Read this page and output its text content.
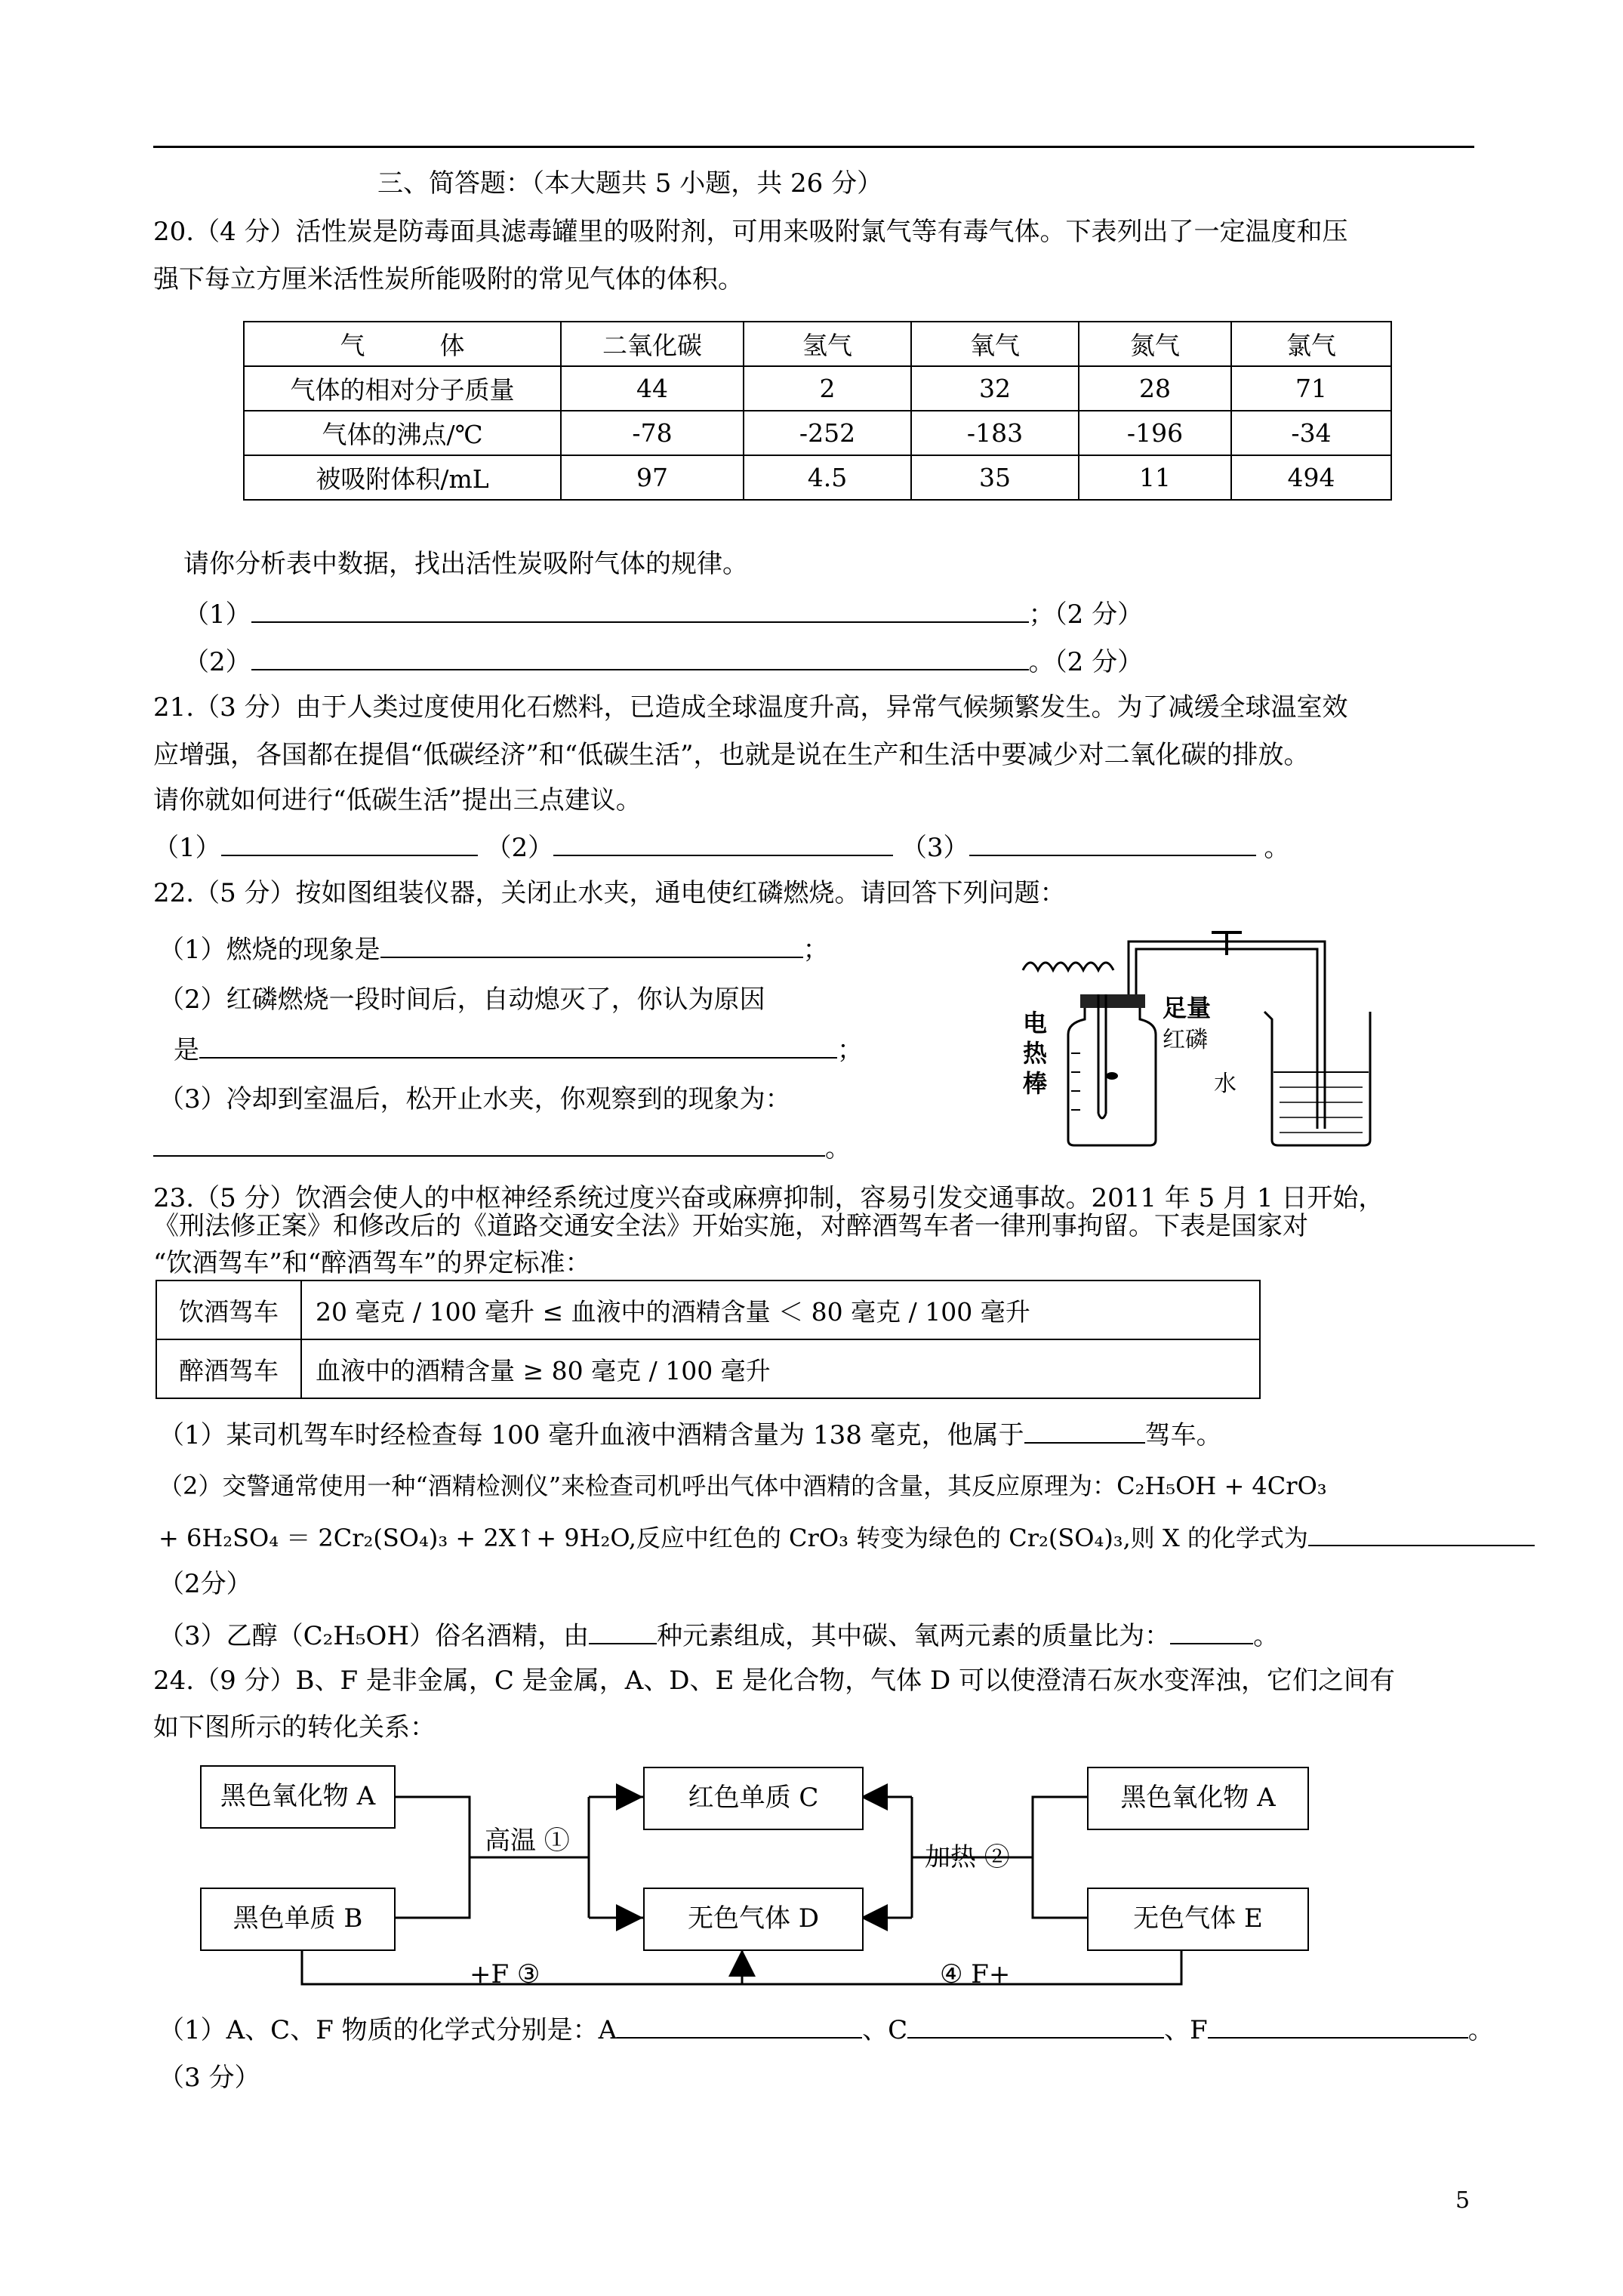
三、简答题：（本大题共 5 小题，共 26 分）
20.（4 分）活性炭是防毒面具滤毒罐里的吸附剂，可用来吸附氯气等有毒气体。下表列出了一定温度和压
强下每立方厘米活性炭所能吸附的常见气体的体积。
气　　　体	二氧化碳	氢气	氧气	氮气	氯气
气体的相对分子质量	44	2	32	28	71
气体的沸点/℃	-78	-252	-183	-196	-34
被吸附体积/mL	97	4.5	35	11	494
请你分析表中数据，找出活性炭吸附气体的规律。
（1）	；（2 分）
（2）	。（2 分）
21.（3 分）由于人类过度使用化石燃料，已造成全球温度升高，异常气候频繁发生。为了减缓全球温室效
应增强，各国都在提倡“低碳经济”和“低碳生活”，也就是说在生产和生活中要减少对二氧化碳的排放。
请你就如何进行“低碳生活”提出三点建议。
（1）	（2）	（3）	。
22.（5 分）按如图组装仪器，关闭止水夹，通电使红磷燃烧。请回答下列问题：
（1）燃烧的现象是	；
（2）红磷燃烧一段时间后，自动熄灭了，你认为原因
是	；
（3）冷却到室温后，松开止水夹，你观察到的现象为：
。
电热棒
足量
红磷
水
23.（5 分）饮酒会使人的中枢神经系统过度兴奋或麻痹抑制，容易引发交通事故。2011 年 5 月 1 日开始，
《刑法修正案》和修改后的《道路交通安全法》开始实施，对醉酒驾车者一律刑事拘留。下表是国家对
“饮酒驾车”和“醉酒驾车”的界定标准：
饮酒驾车	20 毫克 / 100 毫升 ≤ 血液中的酒精含量 ＜ 80 毫克 / 100 毫升
醉酒驾车	血液中的酒精含量 ≥ 80 毫克 / 100 毫升
（1）某司机驾车时经检查每 100 毫升血液中酒精含量为 138 毫克，他属于	驾车。
（2）交警通常使用一种“酒精检测仪”来检查司机呼出气体中酒精的含量，其反应原理为：C₂H₅OH + 4CrO₃
+ 6H₂SO₄ ＝ 2Cr₂(SO₄)₃ + 2X↑+ 9H₂O,反应中红色的 CrO₃ 转变为绿色的 Cr₂(SO₄)₃,则 X 的化学式为
（2分）
（3）乙醇（C₂H₅OH）俗名酒精，由	种元素组成，其中碳、氧两元素的质量比为：	。
24.（9 分）B、F 是非金属，C 是金属，A、D、E 是化合物，气体 D 可以使澄清石灰水变浑浊，它们之间有
如下图所示的转化关系：
黑色氧化物 A
黑色单质 B
红色单质 C
无色气体 D
黑色氧化物 A
无色气体 E
高温 ①
加热 ②
+F ③	④ F+
（1）A、C、F 物质的化学式分别是：A	、C	、F	。
（3 分）
5
